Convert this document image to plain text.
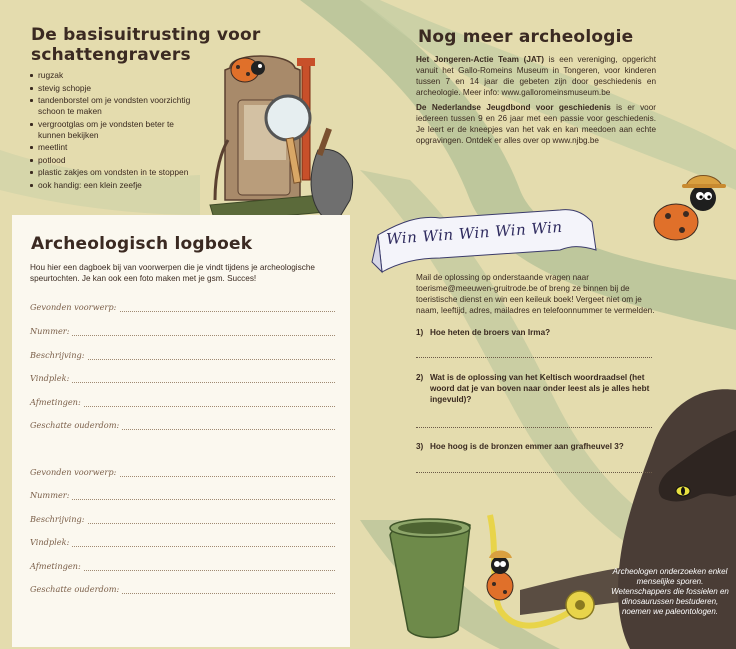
De basisuitrusting voor schattengravers
rugzak
stevig schopje
tandenborstel om je vondsten voorzichtig schoon te maken
vergrootglas om je vondsten beter te kunnen bekijken
meetlint
potlood
plastic zakjes om vondsten in te stoppen
ook handig: een klein zeefje
Nog meer archeologie

Het Jongeren-Actie Team (JAT) is een vereniging, opgericht vanuit het Gallo-Romeins Museum in Tongeren, voor kinderen tussen 7 en 14 jaar die gebeten zijn door geschiedenis en archeologie. Meer info: www.galloromeinsmuseum.be

De Nederlandse Jeugdbond voor geschiedenis is er voor iedereen tussen 9 en 26 jaar met een passie voor geschiedenis. Je leert er de kneepjes van het vak en kan meedoen aan echte opgravingen. Ontdek er alles over op www.njbg.be

Archeologisch logboek
Hou hier een dagboek bij van voorwerpen die je vindt tijdens je archeologische speurtochten. Je kan ook een foto maken met je gsm. Succes!
Gevonden voorwerp:
Nummer:
Beschrijving:
Vindplek:
Afmetingen:
Geschatte ouderdom:
Gevonden voorwerp:
Nummer:
Beschrijving:
Vindplek:
Afmetingen:
Geschatte ouderdom:
Win Win Win Win Win
Mail de oplossing op onderstaande vragen naar toerisme@meeuwen-gruitrode.be of breng ze binnen bij de toeristische dienst en win een keileuk boek! Vergeet niet om je naam, leeftijd, adres, mailadres en telefoonnummer te vermelden.
1) Hoe heten de broers van Irma?
2) Wat is de oplossing van het Keltisch woordraadsel (het woord dat je van boven naar onder leest als je alles hebt ingevuld)?
3) Hoe hoog is de bronzen emmer aan grafheuvel 3?
Archeologen onderzoeken enkel menselijke sporen. Wetenschappers die fossielen en dinosaurussen bestuderen, noemen we paleontologen.
